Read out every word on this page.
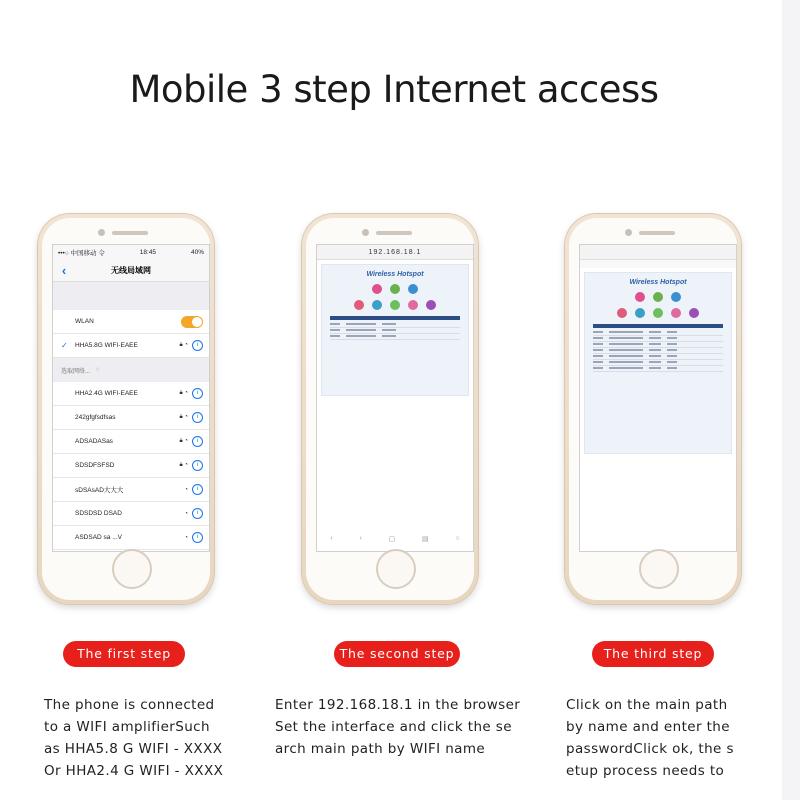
Mobile 3 step Internet access
•••○ 中国移动 令	18:45	40%
‹	无线局域网
WLAN
✓ HHA5.8G WIFI-EAEE	🔒︎ ◔	i
选取网络... ◌
HHA2.4G WIFI-EAEE	🔒︎ ◔	i
242gfgfsdfsas	🔒︎ ◔	i
ADSADASas	🔒︎ ◔	i
SDSDFSFSD	🔒︎ ◔	i
sDSAsAD大大大	◔	i
SDSDSD DSAD	◔	i
ASDSAD sa ...V	◔	i
192.168.18.1
Wireless Hotspot
‹	›	▢	▤	○
Wireless Hotspot
The first step	The second step	The third step
The phone is connected
to a WIFI amplifierSuch
as HHA5.8 G WIFI - XXXX
Or HHA2.4 G WIFI - XXXX
Enter 192.168.18.1 in the browser
Set the interface and click the se
arch main path by WIFI name
Click on the main path
by name and enter the
passwordClick ok, the s
etup process needs to
